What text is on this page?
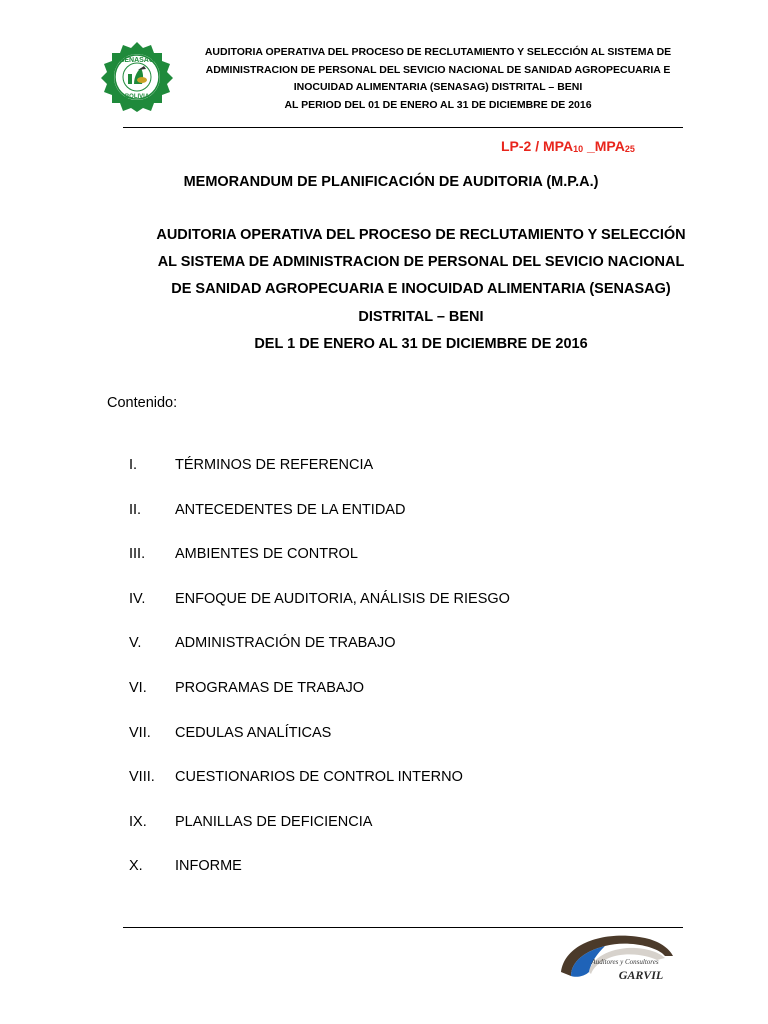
SENASAG
BOLIVIA
AUDITORIA OPERATIVA DEL PROCESO DE RECLUTAMIENTO Y SELECCIÓN AL SISTEMA DE
ADMINISTRACION DE PERSONAL DEL SEVICIO NACIONAL DE SANIDAD AGROPECUARIA E
INOCUIDAD ALIMENTARIA (SENASAG) DISTRITAL – BENI
AL PERIOD DEL 01 DE ENERO AL 31 DE DICIEMBRE DE 2016
$LP-2 / MPA_{10}$ $\_MPA_{25}$
MEMORANDUM DE PLANIFICACIÓN DE AUDITORIA (M.P.A.)
AUDITORIA OPERATIVA DEL PROCESO DE RECLUTAMIENTO Y SELECCIÓN
AL SISTEMA DE ADMINISTRACION DE PERSONAL DEL SEVICIO NACIONAL
DE SANIDAD AGROPECUARIA E INOCUIDAD ALIMENTARIA (SENASAG)
DISTRITAL – BENI
DEL 1 DE ENERO AL 31 DE DICIEMBRE DE 2016
Contenido:
I.	TÉRMINOS DE REFERENCIA
II. ANTECEDENTES DE LA ENTIDAD
III. AMBIENTES DE CONTROL
IV. ENFOQUE DE AUDITORIA, ANÁLISIS DE RIESGO
V. ADMINISTRACIÓN DE TRABAJO
VI. PROGRAMAS DE TRABAJO
VII. CEDULAS ANALÍTICAS
VIII. CUESTIONARIOS DE CONTROL INTERNO
IX. PLANILLAS DE DEFICIENCIA
X. INFORME
Auditores y Consultores
GARVIL
